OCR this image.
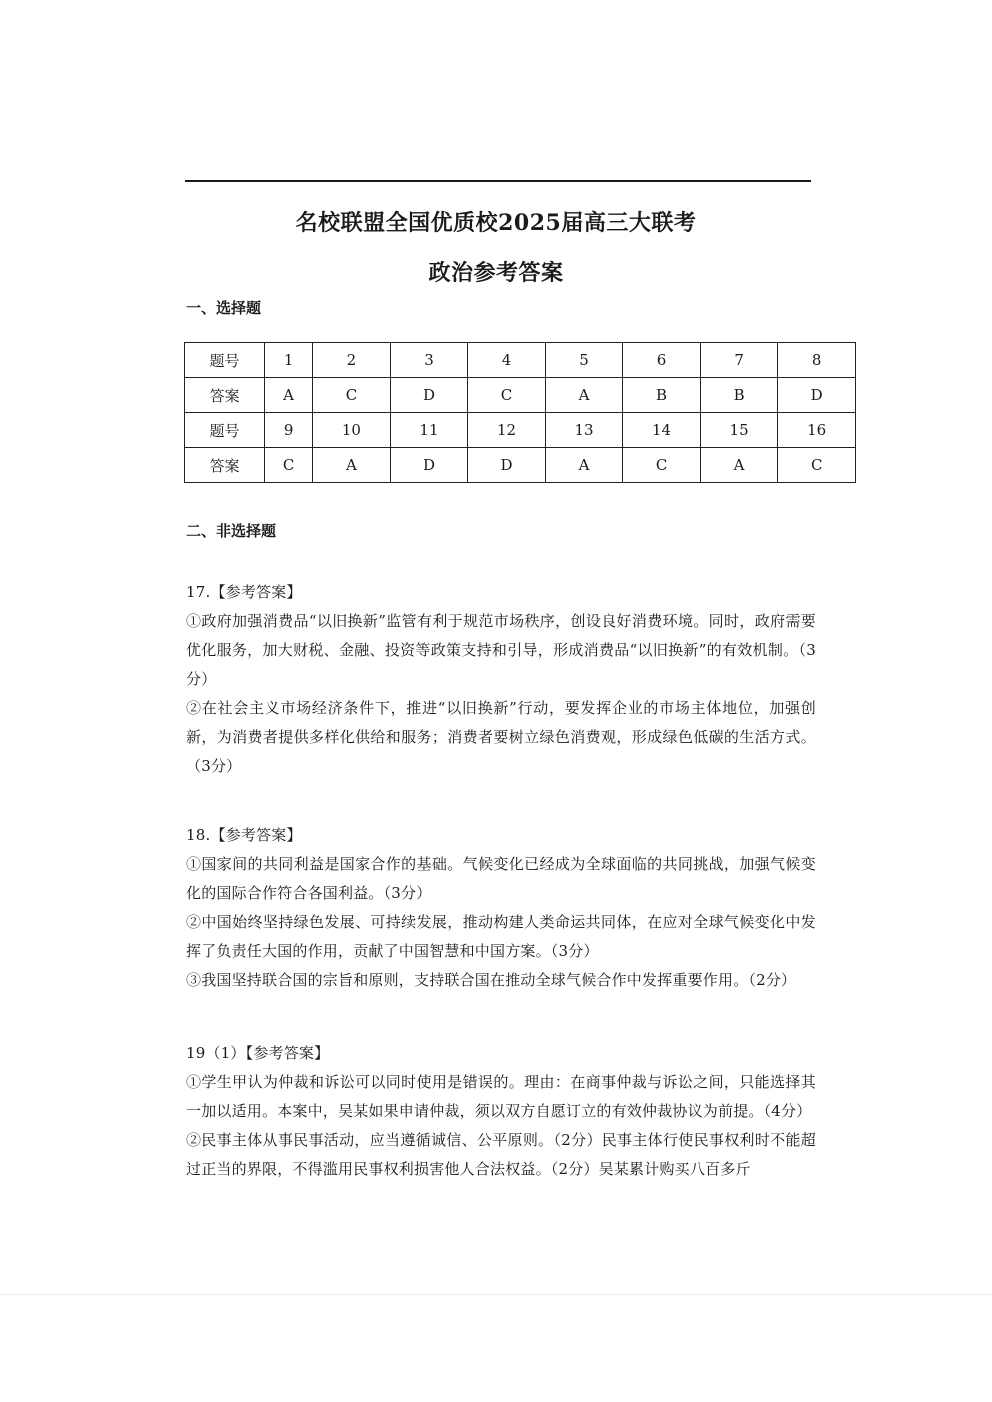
名校联盟全国优质校2025届高三大联考
政治参考答案
一、选择题
题号	1	2	3	4	5	6	7	8
答案	A	C	D	C	A	B	B	D
题号	9	10	11	12	13	14	15	16
答案	C	A	D	D	A	C	A	C
二、非选择题

17.【参考答案】

①政府加强消费品“以旧换新”监管有利于规范市场秩序，创设良好消费环境。同时，政府需要优化服务，加大财税、金融、投资等政策支持和引导，形成消费品“以旧换新”的有效机制。（3分）

②在社会主义市场经济条件下，推进“以旧换新”行动，要发挥企业的市场主体地位，加强创新，为消费者提供多样化供给和服务；消费者要树立绿色消费观，形成绿色低碳的生活方式。（3分）

18.【参考答案】

①国家间的共同利益是国家合作的基础。气候变化已经成为全球面临的共同挑战，加强气候变化的国际合作符合各国利益。（3分）

②中国始终坚持绿色发展、可持续发展，推动构建人类命运共同体，在应对全球气候变化中发挥了负责任大国的作用，贡献了中国智慧和中国方案。（3分）

③我国坚持联合国的宗旨和原则，支持联合国在推动全球气候合作中发挥重要作用。（2分）

19（1）【参考答案】

①学生甲认为仲裁和诉讼可以同时使用是错误的。理由：在商事仲裁与诉讼之间，只能选择其一加以适用。本案中，吴某如果申请仲裁，须以双方自愿订立的有效仲裁协议为前提。（4分）

②民事主体从事民事活动，应当遵循诚信、公平原则。（2分）民事主体行使民事权利时不能超过正当的界限，不得滥用民事权利损害他人合法权益。（2分）吴某累计购买八百多斤
